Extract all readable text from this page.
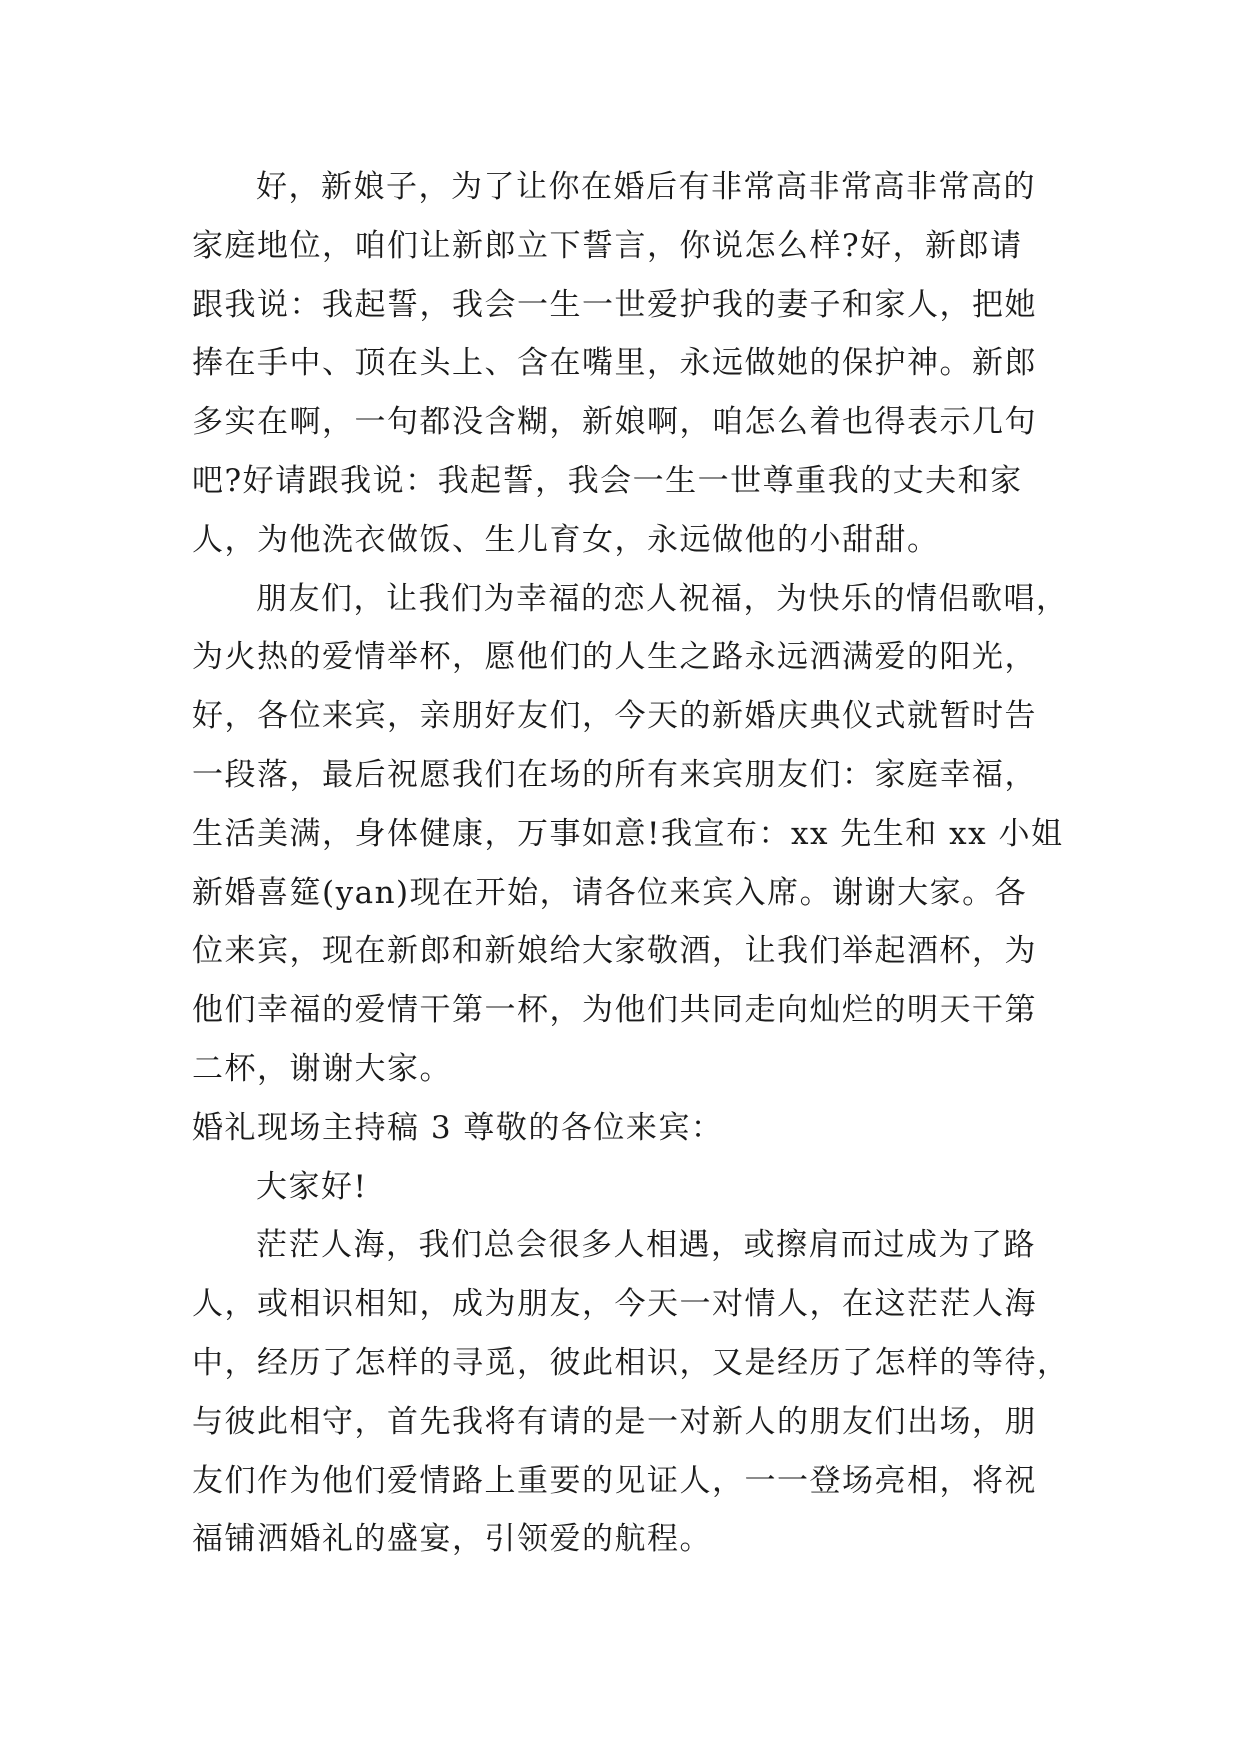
好，新娘子，为了让你在婚后有非常高非常高非常高的
家庭地位，咱们让新郎立下誓言，你说怎么样?好，新郎请
跟我说：我起誓，我会一生一世爱护我的妻子和家人，把她
捧在手中、顶在头上、含在嘴里，永远做她的保护神。新郎
多实在啊，一句都没含糊，新娘啊，咱怎么着也得表示几句
吧?好请跟我说：我起誓，我会一生一世尊重我的丈夫和家
人，为他洗衣做饭、生儿育女，永远做他的小甜甜。
朋友们，让我们为幸福的恋人祝福，为快乐的情侣歌唱，
为火热的爱情举杯，愿他们的人生之路永远洒满爱的阳光，
好，各位来宾，亲朋好友们，今天的新婚庆典仪式就暂时告
一段落，最后祝愿我们在场的所有来宾朋友们：家庭幸福，
生活美满，身体健康，万事如意!我宣布：xx 先生和 xx 小姐
新婚喜筵(yan)现在开始，请各位来宾入席。谢谢大家。各
位来宾，现在新郎和新娘给大家敬酒，让我们举起酒杯，为
他们幸福的爱情干第一杯，为他们共同走向灿烂的明天干第
二杯，谢谢大家。
婚礼现场主持稿 3 尊敬的各位来宾：
大家好!
茫茫人海，我们总会很多人相遇，或擦肩而过成为了路
人，或相识相知，成为朋友，今天一对情人，在这茫茫人海
中，经历了怎样的寻觅，彼此相识，又是经历了怎样的等待，
与彼此相守，首先我将有请的是一对新人的朋友们出场，朋
友们作为他们爱情路上重要的见证人，一一登场亮相，将祝
福铺洒婚礼的盛宴，引领爱的航程。
